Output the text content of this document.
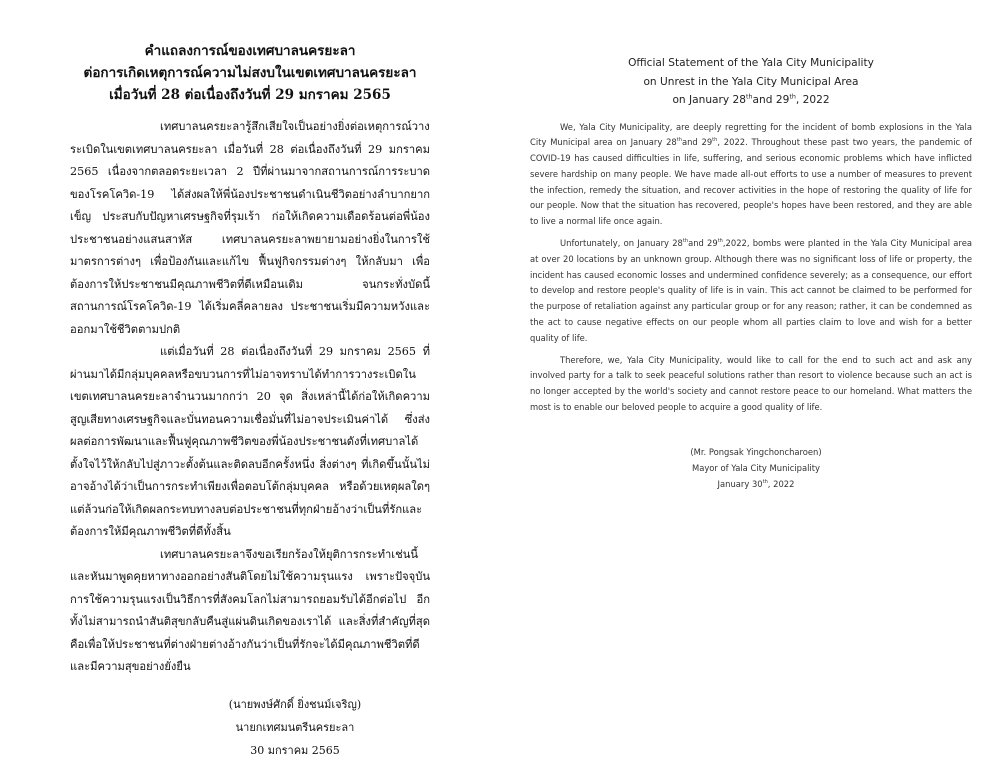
คำแถลงการณ์ของเทศบาลนครยะลา
ต่อการเกิดเหตุการณ์ความไม่สงบในเขตเทศบาลนครยะลา
เมื่อวันที่ 28 ต่อเนื่องถึงวันที่ 29 มกราคม 2565

เทศบาลนครยะลารู้สึกเสียใจเป็นอย่างยิ่งต่อเหตุการณ์วางระเบิดในเขตเทศบาลนครยะลา เมื่อวันที่ 28 ต่อเนื่องถึงวันที่ 29 มกราคม 2565 เนื่องจากตลอดระยะเวลา 2 ปีที่ผ่านมาจากสถานการณ์การระบาดของโรคโควิด-19 ได้ส่งผลให้พี่น้องประชาชนดำเนินชีวิตอย่างลำบากยากเข็ญ ประสบกับปัญหาเศรษฐกิจที่รุมเร้า ก่อให้เกิดความเดือดร้อนต่อพี่น้องประชาชนอย่างแสนสาหัส เทศบาลนครยะลาพยายามอย่างยิ่งในการใช้มาตรการต่างๆ เพื่อป้องกันและแก้ไข ฟื้นฟูกิจกรรมต่างๆ ให้กลับมา เพื่อต้องการให้ประชาชนมีคุณภาพชีวิตที่ดีเหมือนเดิม จนกระทั่งบัดนี้สถานการณ์โรคโควิด-19 ได้เริ่มคลี่คลายลง ประชาชนเริ่มมีความหวังและออกมาใช้ชีวิตตามปกติ

แต่เมื่อวันที่ 28 ต่อเนื่องถึงวันที่ 29 มกราคม 2565 ที่ผ่านมาได้มีกลุ่มบุคคลหรือขบวนการที่ไม่อาจทราบได้ทำการวางระเบิดในเขตเทศบาลนครยะลาจำนวนมากกว่า 20 จุด สิ่งเหล่านี้ได้ก่อให้เกิดความสูญเสียทางเศรษฐกิจและบั่นทอนความเชื่อมั่นที่ไม่อาจประเมินค่าได้ ซึ่งส่งผลต่อการพัฒนาและฟื้นฟูคุณภาพชีวิตของพี่น้องประชาชนดังที่เทศบาลได้ตั้งใจไว้ให้กลับไปสู่ภาวะตั้งต้นและติดลบอีกครั้งหนึ่ง สิ่งต่างๆ ที่เกิดขึ้นนั้นไม่อาจอ้างได้ว่าเป็นการกระทำเพียงเพื่อตอบโต้กลุ่มบุคคล หรือด้วยเหตุผลใดๆ แต่ล้วนก่อให้เกิดผลกระทบทางลบต่อประชาชนที่ทุกฝ่ายอ้างว่าเป็นที่รักและต้องการให้มีคุณภาพชีวิตที่ดีทั้งสิ้น

เทศบาลนครยะลาจึงขอเรียกร้องให้ยุติการกระทำเช่นนี้ และหันมาพูดคุยหาทางออกอย่างสันติโดยไม่ใช้ความรุนแรง เพราะปัจจุบันการใช้ความรุนแรงเป็นวิธีการที่สังคมโลกไม่สามารถยอมรับได้อีกต่อไป อีกทั้งไม่สามารถนำสันติสุขกลับคืนสู่แผ่นดินเกิดของเราได้ และสิ่งที่สำคัญที่สุดคือเพื่อให้ประชาชนที่ต่างฝ่ายต่างอ้างกันว่าเป็นที่รักจะได้มีคุณภาพชีวิตที่ดีและมีความสุขอย่างยั่งยืน

(นายพงษ์ศักดิ์ ยิ่งชนม์เจริญ)
นายกเทศมนตรีนครยะลา
30 มกราคม 2565
Official Statement of the Yala City Municipality
on Unrest in the Yala City Municipal Area
on January 28thand 29th, 2022

We, Yala City Municipality, are deeply regretting for the incident of bomb explosions in the Yala City Municipal area on January 28thand 29th, 2022. Throughout these past two years, the pandemic of COVID-19 has caused difficulties in life, suffering, and serious economic problems which have inflicted severe hardship on many people. We have made all-out efforts to use a number of measures to prevent the infection, remedy the situation, and recover activities in the hope of restoring the quality of life for our people. Now that the situation has recovered, people's hopes have been restored, and they are able to live a normal life once again.

Unfortunately, on January 28thand 29th,2022, bombs were planted in the Yala City Municipal area at over 20 locations by an unknown group. Although there was no significant loss of life or property, the incident has caused economic losses and undermined confidence severely; as a consequence, our effort to develop and restore people's quality of life is in vain. This act cannot be claimed to be performed for the purpose of retaliation against any particular group or for any reason; rather, it can be condemned as the act to cause negative effects on our people whom all parties claim to love and wish for a better quality of life.

Therefore, we, Yala City Municipality, would like to call for the end to such act and ask any involved party for a talk to seek peaceful solutions rather than resort to violence because such an act is no longer accepted by the world's society and cannot restore peace to our homeland. What matters the most is to enable our beloved people to acquire a good quality of life.

(Mr. Pongsak Yingchoncharoen)
Mayor of Yala City Municipality
January 30th, 2022
